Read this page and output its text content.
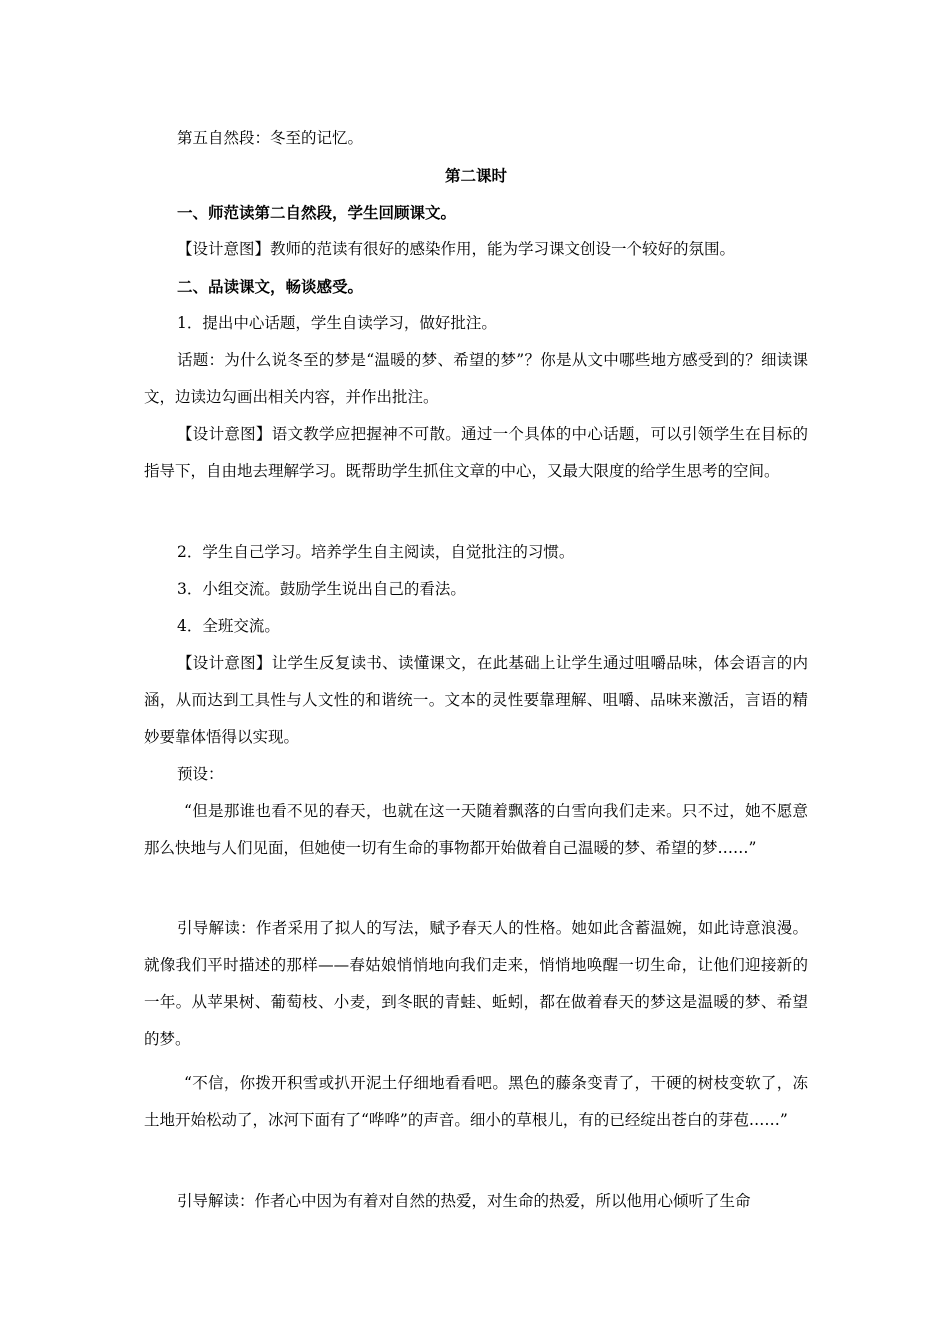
第五自然段：冬至的记忆。

第二课时

一、师范读第二自然段，学生回顾课文。

【设计意图】教师的范读有很好的感染作用，能为学习课文创设一个较好的氛围。

二、品读课文，畅谈感受。

1．提出中心话题，学生自读学习，做好批注。

话题：为什么说冬至的梦是“温暖的梦、希望的梦”？你是从文中哪些地方感受到的？细读课文，边读边勾画出相关内容，并作出批注。

【设计意图】语文教学应把握神不可散。通过一个具体的中心话题，可以引领学生在目标的指导下，自由地去理解学习。既帮助学生抓住文章的中心，又最大限度的给学生思考的空间。

2．学生自己学习。培养学生自主阅读，自觉批注的习惯。

3．小组交流。鼓励学生说出自己的看法。

4．全班交流。

【设计意图】让学生反复读书、读懂课文，在此基础上让学生通过咀嚼品味，体会语言的内涵，从而达到工具性与人文性的和谐统一。文本的灵性要靠理解、咀嚼、品味来激活，言语的精妙要靠体悟得以实现。

预设：

“但是那谁也看不见的春天，也就在这一天随着飘落的白雪向我们走来。只不过，她不愿意那么快地与人们见面，但她使一切有生命的事物都开始做着自己温暖的梦、希望的梦……”

引导解读：作者采用了拟人的写法，赋予春天人的性格。她如此含蓄温婉，如此诗意浪漫。就像我们平时描述的那样——春姑娘悄悄地向我们走来，悄悄地唤醒一切生命，让他们迎接新的一年。从苹果树、葡萄枝、小麦，到冬眠的青蛙、蚯蚓，都在做着春天的梦这是温暖的梦、希望的梦。

“不信，你拨开积雪或扒开泥土仔细地看看吧。黑色的藤条变青了，干硬的树枝变软了，冻土地开始松动了，冰河下面有了“哗哗”的声音。细小的草根儿，有的已经绽出苍白的芽苞……”

引导解读：作者心中因为有着对自然的热爱，对生命的热爱，所以他用心倾听了生命
